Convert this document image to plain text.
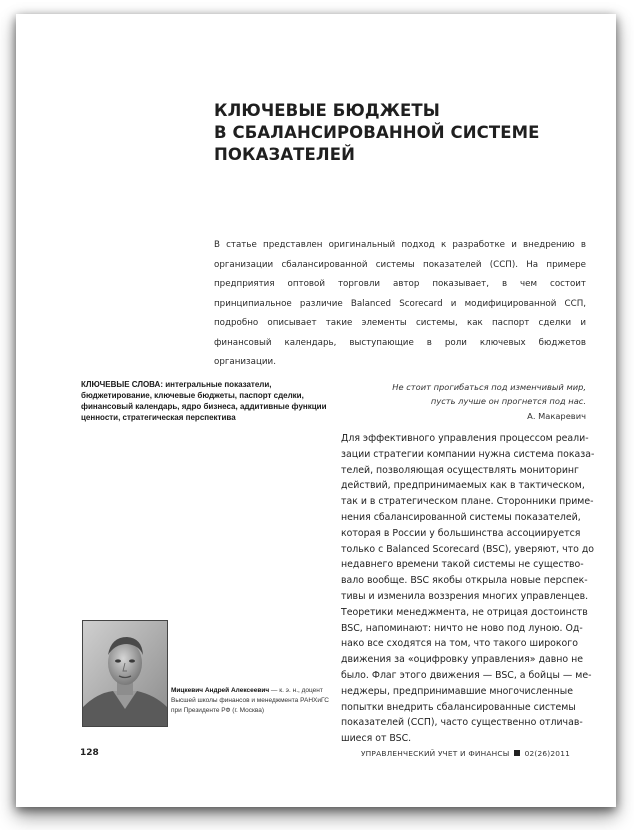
КЛЮЧЕВЫЕ БЮДЖЕТЫ
В СБАЛАНСИРОВАННОЙ СИСТЕМЕ
ПОКАЗАТЕЛЕЙ

В статье представлен оригинальный подход к разработке и внедрению в организации сбалансированной системы показателей (ССП). На примере предприятия оптовой торговли автор показывает, в чем состоит принципиальное различие Balanced Scorecard и модифицированной ССП, подробно описывает такие элементы системы, как паспорт сделки и финансовый календарь, выступающие в роли ключевых бюджетов организации.

КЛЮЧЕВЫЕ СЛОВА: интегральные показатели, бюджетирование, ключевые бюджеты, паспорт сделки, финансовый календарь, ядро бизнеса, аддитивные функции ценности, стратегическая перспектива

Не стоит прогибаться под изменчивый мир,
пусть лучше он прогнется под нас.
А. Макаревич
Для эффективного управления процессом реали-
зации стратегии компании нужна система показа-
телей, позволяющая осуществлять мониторинг
действий, предпринимаемых как в тактическом,
так и в стратегическом плане. Сторонники приме-
нения сбалансированной системы показателей,
которая в России у большинства ассоциируется
только с Balanced Scorecard (BSC), уверяют, что до
недавнего времени такой системы не существо-
вало вообще. BSC якобы открыла новые перспек-
тивы и изменила воззрения многих управленцев.
Теоретики менеджмента, не отрицая достоинств
BSC, напоминают: ничто не ново под луною. Од-
нако все сходятся на том, что такого широкого
движения за «оцифровку управления» давно не
было. Флаг этого движения — BSC, а бойцы — ме-
неджеры, предпринимавшие многочисленные
попытки внедрить сбалансированные системы
показателей (ССП), часто существенно отличав-
шиеся от BSC.

Мицкевич Андрей Алексеевич — к. э. н., доцент Высшей школы финансов и менеджмента РАНХиГС при Президенте РФ (г. Москва)

128	УПРАВЛЕНЧЕСКИЙ УЧЕТ И ФИНАНСЫ 02(26)2011
